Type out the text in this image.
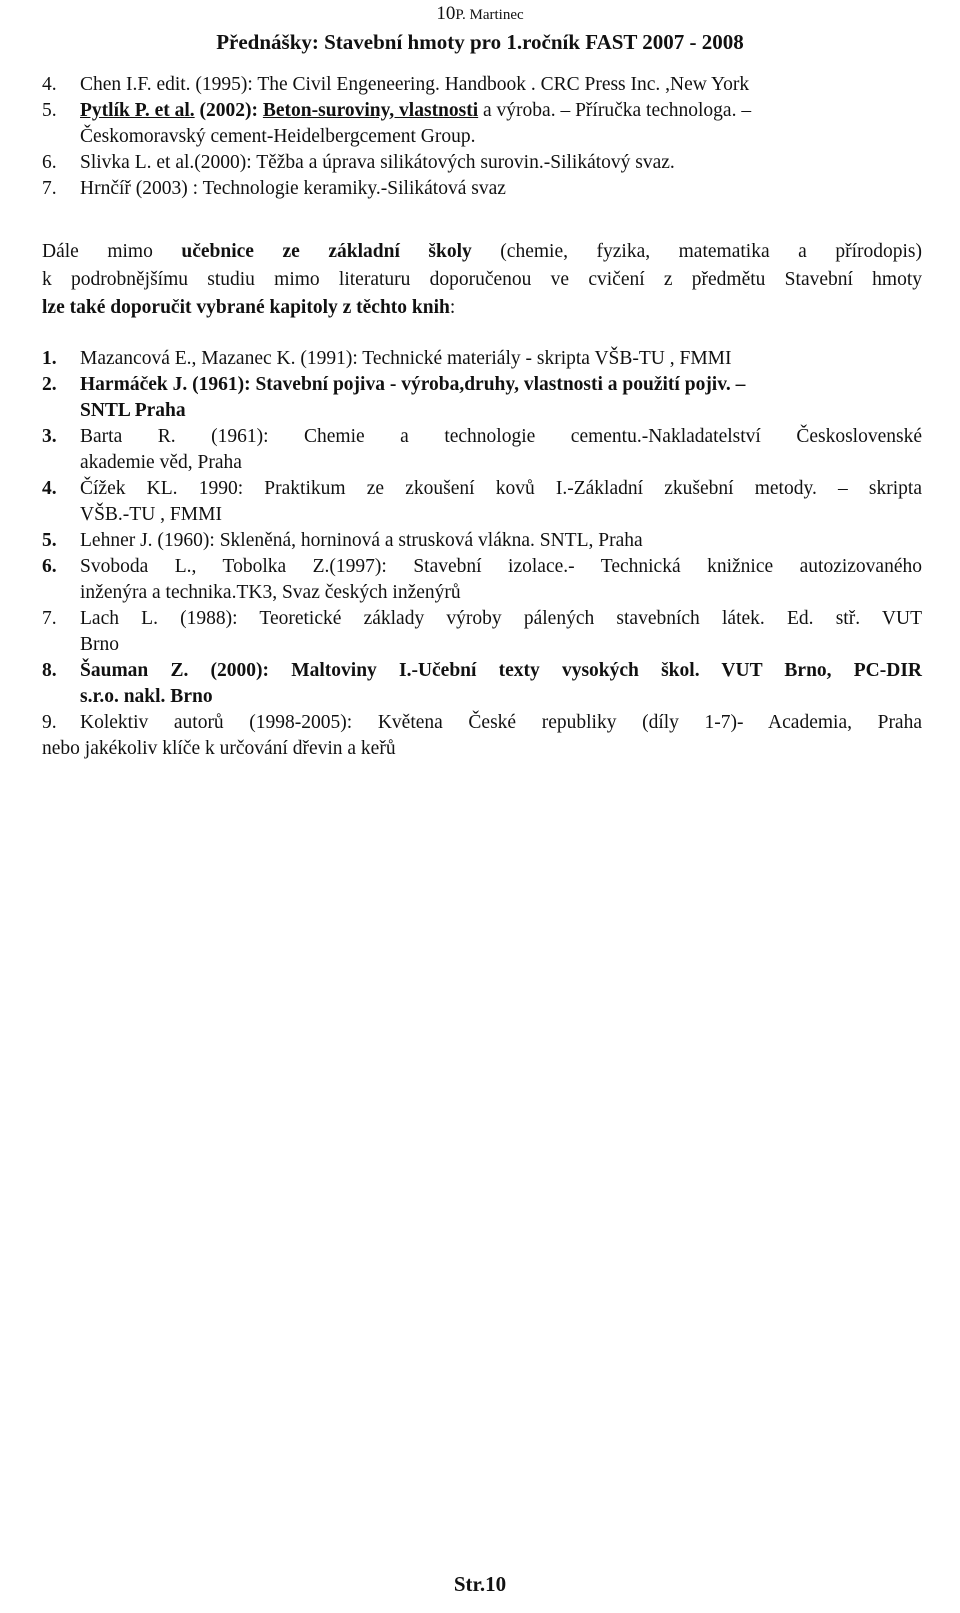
10P. Martinec
Přednášky: Stavební hmoty pro 1.ročník FAST 2007 - 2008
4. Chen I.F. edit. (1995): The Civil Engeneering. Handbook . CRC Press Inc. ,New York
5. Pytlík P. et al. (2002): Beton-suroviny, vlastnosti a výroba. – Příručka technologa. –
Českomoravský cement-Heidelbergcement Group.
6. Slivka L. et al.(2000): Těžba a úprava silikátových surovin.-Silikátový svaz.
7. Hrnčíř (2003) : Technologie keramiky.-Silikátová svaz
Dále mimo učebnice ze základní školy (chemie, fyzika, matematika a přírodopis)
k podrobnějšímu studiu mimo literaturu doporučenou ve cvičení z předmětu Stavební hmoty
lze také doporučit vybrané kapitoly z těchto knih:
1. Mazancová E., Mazanec K. (1991): Technické materiály - skripta VŠB-TU , FMMI
2. Harmáček J. (1961): Stavební pojiva - výroba,druhy, vlastnosti a použití pojiv. –
SNTL Praha
3.	Barta R. (1961): Chemie a technologie cementu.-Nakladatelství Československé
akademie věd, Praha
4.	Čížek KL. 1990: Praktikum ze zkoušení kovů I.-Základní zkušební metody. – skripta
VŠB.-TU , FMMI
5. Lehner J. (1960): Skleněná, horninová a strusková vlákna. SNTL, Praha
6.	Svoboda L., Tobolka Z.(1997): Stavební izolace.- Technická knižnice autozizovaného
inženýra a technika.TK3, Svaz českých inženýrů
7.	Lach L. (1988): Teoretické základy výroby pálených stavebních látek. Ed. stř. VUT
Brno
8.	Šauman Z. (2000): Maltoviny I.-Učební texty vysokých škol. VUT Brno, PC-DIR
s.r.o. nakl. Brno
9.	Kolektiv autorů (1998-2005): Květena České republiky (díly 1-7)- Academia, Praha
nebo jakékoliv klíče k určování dřevin a keřů
Str.10
